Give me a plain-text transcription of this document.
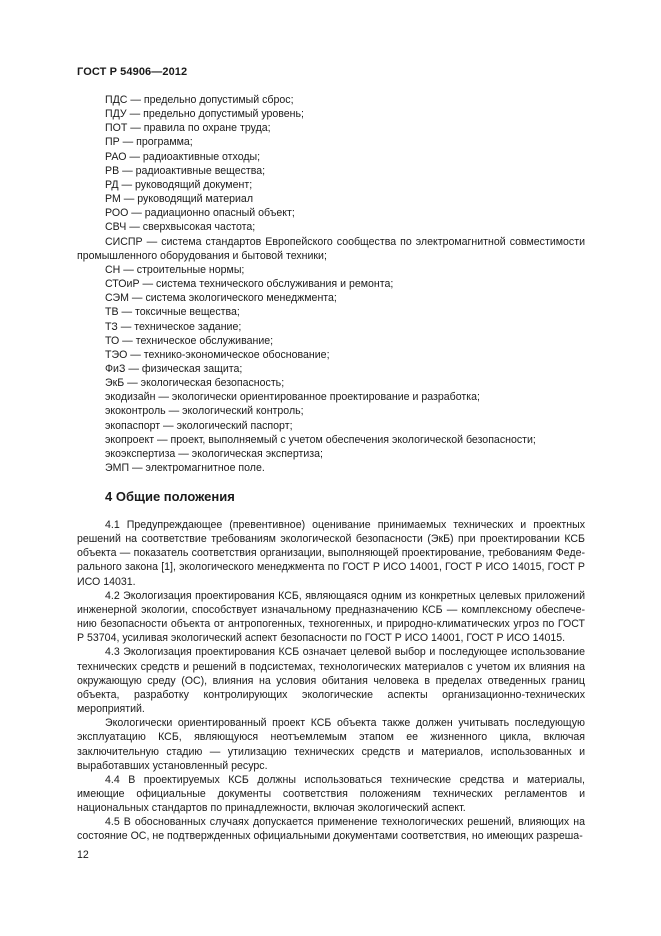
ГОСТ Р 54906—2012
ПДС — предельно допустимый сброс;
ПДУ — предельно допустимый уровень;
ПОТ — правила по охране труда;
ПР — программа;
РАО — радиоактивные отходы;
РВ — радиоактивные вещества;
РД — руководящий документ;
РМ — руководящий материал
РОО — радиационно опасный объект;
СВЧ — сверхвысокая частота;
СИСПР — система стандартов Европейского сообщества по электромагнитной совместимости промышленного оборудования и бытовой техники;
СН — строительные нормы;
СТОиР — система технического обслуживания и ремонта;
СЭМ — система экологического менеджмента;
ТВ — токсичные вещества;
ТЗ — техническое задание;
ТО — техническое обслуживание;
ТЭО — технико-экономическое обоснование;
ФиЗ — физическая защита;
ЭкБ — экологическая безопасность;
экодизайн — экологически ориентированное проектирование и разработка;
экоконтроль — экологический контроль;
экопаспорт — экологический паспорт;
экопроект — проект, выполняемый с учетом обеспечения экологической безопасности;
экоэкспертиза — экологическая экспертиза;
ЭМП — электромагнитное поле.
4 Общие положения

4.1 Предупреждающее (превентивное) оценивание принимаемых технических и проектных решений на соответствие требованиям экологической безопасности (ЭкБ) при проектировании КСБ объекта — показатель соответствия организации, выполняющей проектирование, требованиям Федерального закона [1], экологического менеджмента по ГОСТ Р ИСО 14001, ГОСТ Р ИСО 14015, ГОСТ Р ИСО 14031.

4.2 Экологизация проектирования КСБ, являющаяся одним из конкретных целевых приложений инженерной экологии, способствует изначальному предназначению КСБ — комплексному обеспечению безопасности объекта от антропогенных, техногенных, и природно-климатических угроз по ГОСТ Р 53704, усиливая экологический аспект безопасности по ГОСТ Р ИСО 14001, ГОСТ Р ИСО 14015.

4.3 Экологизация проектирования КСБ означает целевой выбор и последующее использование технических средств и решений в подсистемах, технологических материалов с учетом их влияния на окружающую среду (ОС), влияния на условия обитания человека в пределах отведенных границ объекта, разработку контролирующих экологические аспекты организационно-технических мероприятий.

Экологически ориентированный проект КСБ объекта также должен учитывать последующую эксплуатацию КСБ, являющуюся неотъемлемым этапом ее жизненного цикла, включая заключительную стадию — утилизацию технических средств и материалов, использованных и выработавших установленный ресурс.

4.4 В проектируемых КСБ должны использоваться технические средства и материалы, имеющие официальные документы соответствия положениям технических регламентов и национальных стандартов по принадлежности, включая экологический аспект.

4.5 В обоснованных случаях допускается применение технологических решений, влияющих на состояние ОС, не подтвержденных официальными документами соответствия, но имеющих разреша-

12
